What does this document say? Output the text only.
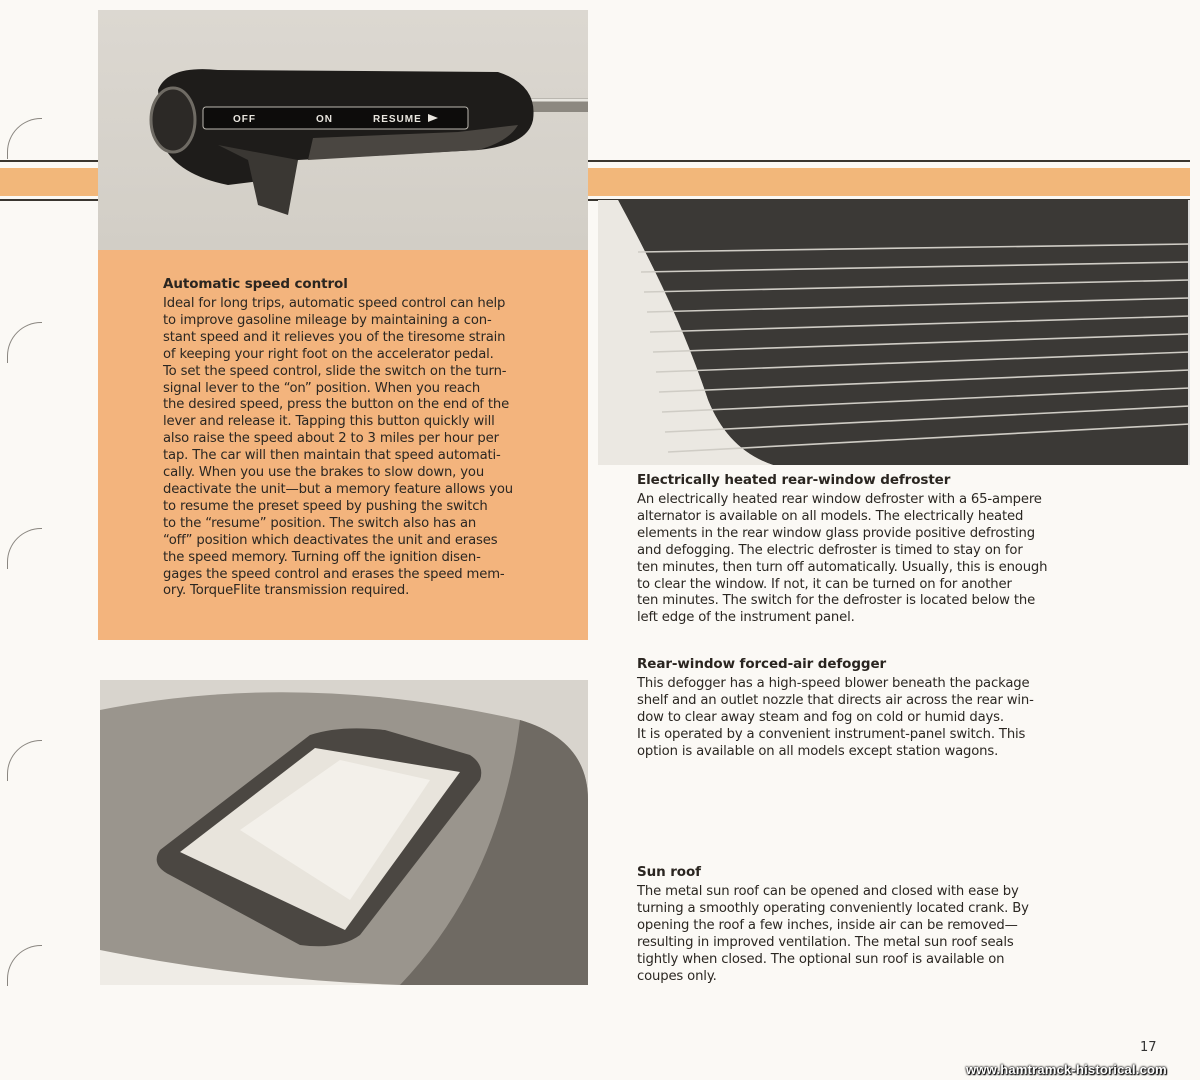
OFF	ON	RESUME
Automatic speed control
Ideal for long trips, automatic speed control can help
to improve gasoline mileage by maintaining a con-
stant speed and it relieves you of the tiresome strain
of keeping your right foot on the accelerator pedal.
To set the speed control, slide the switch on the turn-
signal lever to the “on” position. When you reach
the desired speed, press the button on the end of the
lever and release it. Tapping this button quickly will
also raise the speed about 2 to 3 miles per hour per
tap. The car will then maintain that speed automati-
cally. When you use the brakes to slow down, you
deactivate the unit—but a memory feature allows you
to resume the preset speed by pushing the switch
to the “resume” position. The switch also has an
“off” position which deactivates the unit and erases
the speed memory. Turning off the ignition disen-
gages the speed control and erases the speed mem-
ory. TorqueFlite transmission required.
Electrically heated rear-window defroster
An electrically heated rear window defroster with a 65-ampere
alternator is available on all models. The electrically heated
elements in the rear window glass provide positive defrosting
and defogging. The electric defroster is timed to stay on for
ten minutes, then turn off automatically. Usually, this is enough
to clear the window. If not, it can be turned on for another
ten minutes. The switch for the defroster is located below the
left edge of the instrument panel.
Rear-window forced-air defogger
This defogger has a high-speed blower beneath the package
shelf and an outlet nozzle that directs air across the rear win-
dow to clear away steam and fog on cold or humid days.
It is operated by a convenient instrument-panel switch. This
option is available on all models except station wagons.
Sun roof
The metal sun roof can be opened and closed with ease by
turning a smoothly operating conveniently located crank. By
opening the roof a few inches, inside air can be removed—
resulting in improved ventilation. The metal sun roof seals
tightly when closed. The optional sun roof is available on
coupes only.
17
www.hamtramck-historical.com
